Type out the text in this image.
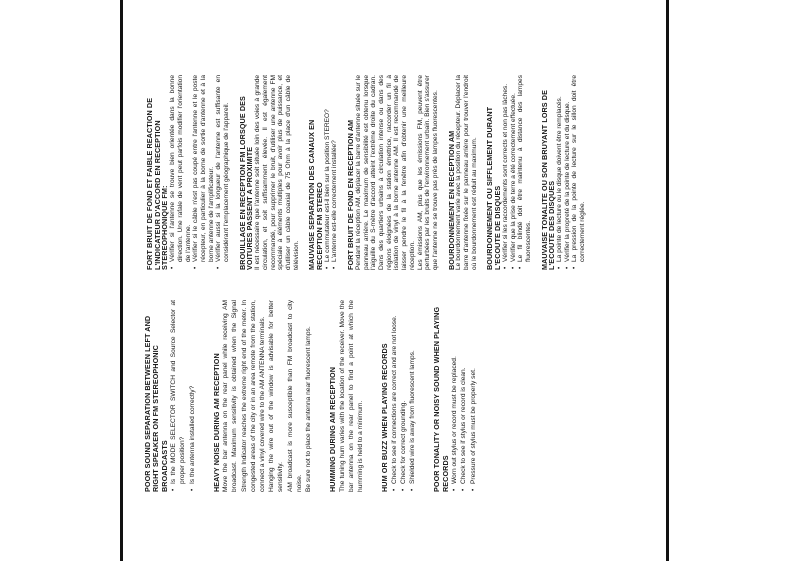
POOR SOUND SEPARATION BETWEEN LEFT AND RIGHT SPEAKER ON FM STEREOPHONIC BROADCASTS • Is the MODE SELECTOR SWITCH and Source Selector at proper position? • Is the antenna installed correctly? HEAVY NOISE DURING AM RECEPTION Move the bar antenna on the rear panel while receiving AM broadcast. Maximum sensitivity is obtained when the Signal Strength Indicator reaches the extreme right end of the meter. In congested areas of the city or in an area remote from the station, connect a vinyl covered wire to the AM ANTENNA terminals. Hanging the wire out of the window is advisable for better sensitivity. AM broadcast is more susceptible than FM broadcast to city noise. Be sure not to place the antenna near fluorescent lamps. HUMMING DURING AM RECEPTION The tuning hum varies with the location of the receiver. Move the bar antenna on the rear panel to find a point at which the humming is held to a minimum. HUM OR BUZZ WHEN PLAYING RECORDS • Check to see if connections are correct and are not loose. • Check for correct grounding. • Shielded wire is away from fluorescent lamps. POOR TONALITY OR NOISY SOUND WHEN PLAYING RECORDS • Worn out stylus or record must be replaced. • Check to see if stylus or record is clean. • Pressure of stylus must be properly set.
FORT BRUIT DE FOND ET FAIBLE REACTION DE L'INDICATEUR D'ACCORD EN RECEPTION STEREOPHONIQUE FM: • Vérifier si l'antenne se trouve bien orientée dans la bonne direction. Une rafale de vent peut parfois modifier l'orientation de l'antenne. • Vérifier si le câble n'est pas coupé entre l'antenne et le poste récepteur, en particulier à la borne de sortie d'antenne et à la borne antenne de l'amplificateur. • Vérifier aussi si la longueur de l'antenne est suffisante en considérant l'emplacement géographique de l'appareil. BROUILLAGE EN RECEPTION FM LORSQUE DES VOITURES PASSENT A PROXIMITE Il est nécessaire que l'antenne soit située loin des voies à grande circulation, et soit suffisamment élevée. Il est également recommandé, pour supprimer le bruit, d'utiliser une antenne FM spéciale à éléments multiples pour avoir plus de puissance, et d'utiliser un câble coaxial de 75 Ohm à la place d'un câble de télévision. MAUVAISE SEPARATION DES CANAUX EN RECEPTION FM STEREO • Le commutateur est-il bien sur la position STEREO? • L'antenne est-elle correctement installée? FORT BRUIT DE FOND EN RECEPTION AM Pendant la réception AM, déplacer la barre d'antenne située sur le panneau arrière. Le maximum de sensibilité est obtenu lorsque l'aiguille du S-mètre d'accord atteint l'extrême droite du cadran. Dans des quartiers urbains à circulation intense ou dans des régions éloignées de la station émettrice, raccorder un fil à isolation de vinyl à la borne antenne AM. Il est recommandé de laisser pendre le fil à la fenêtre afin d'obtenir une meilleure réception. Les émissions AM, plus que les émissions FM, peuvent être perturbées par les bruits de l'environnement urbain. Bien s'assurer que l'antenne ne se trouve pas près de lampes fluorescentes. BOURDONNEMENT EN RECEPTION AM Le bourdonnement varie avec la position du récepteur. Déplacer la barre d'antenne fixée sur le panneau arrière pour trouver l'endroit où le bourdonnement est réduit au maximum. BOURDONNEMENT OU SIFFLEMENT DURANT L'ECOUTE DE DISQUES • Vérifier si les raccordements sont corrects et non pas lâches. • Vérifier que la prise de terre a été correctement effectuée. • Le fil blindé doit être maintenu à distance des lampes fluorescentes. MAUVAISE TONALITE OU SON BRUYANT LORS DE L'ECOUTE DES DISQUES • La pointe de lecture ou le disque doivent être remplacés. • Vérifier la propreté de la pointe de lecture et du disque. • La pression de la pointe de lecture sur le sillon doit être correctement réglée.
